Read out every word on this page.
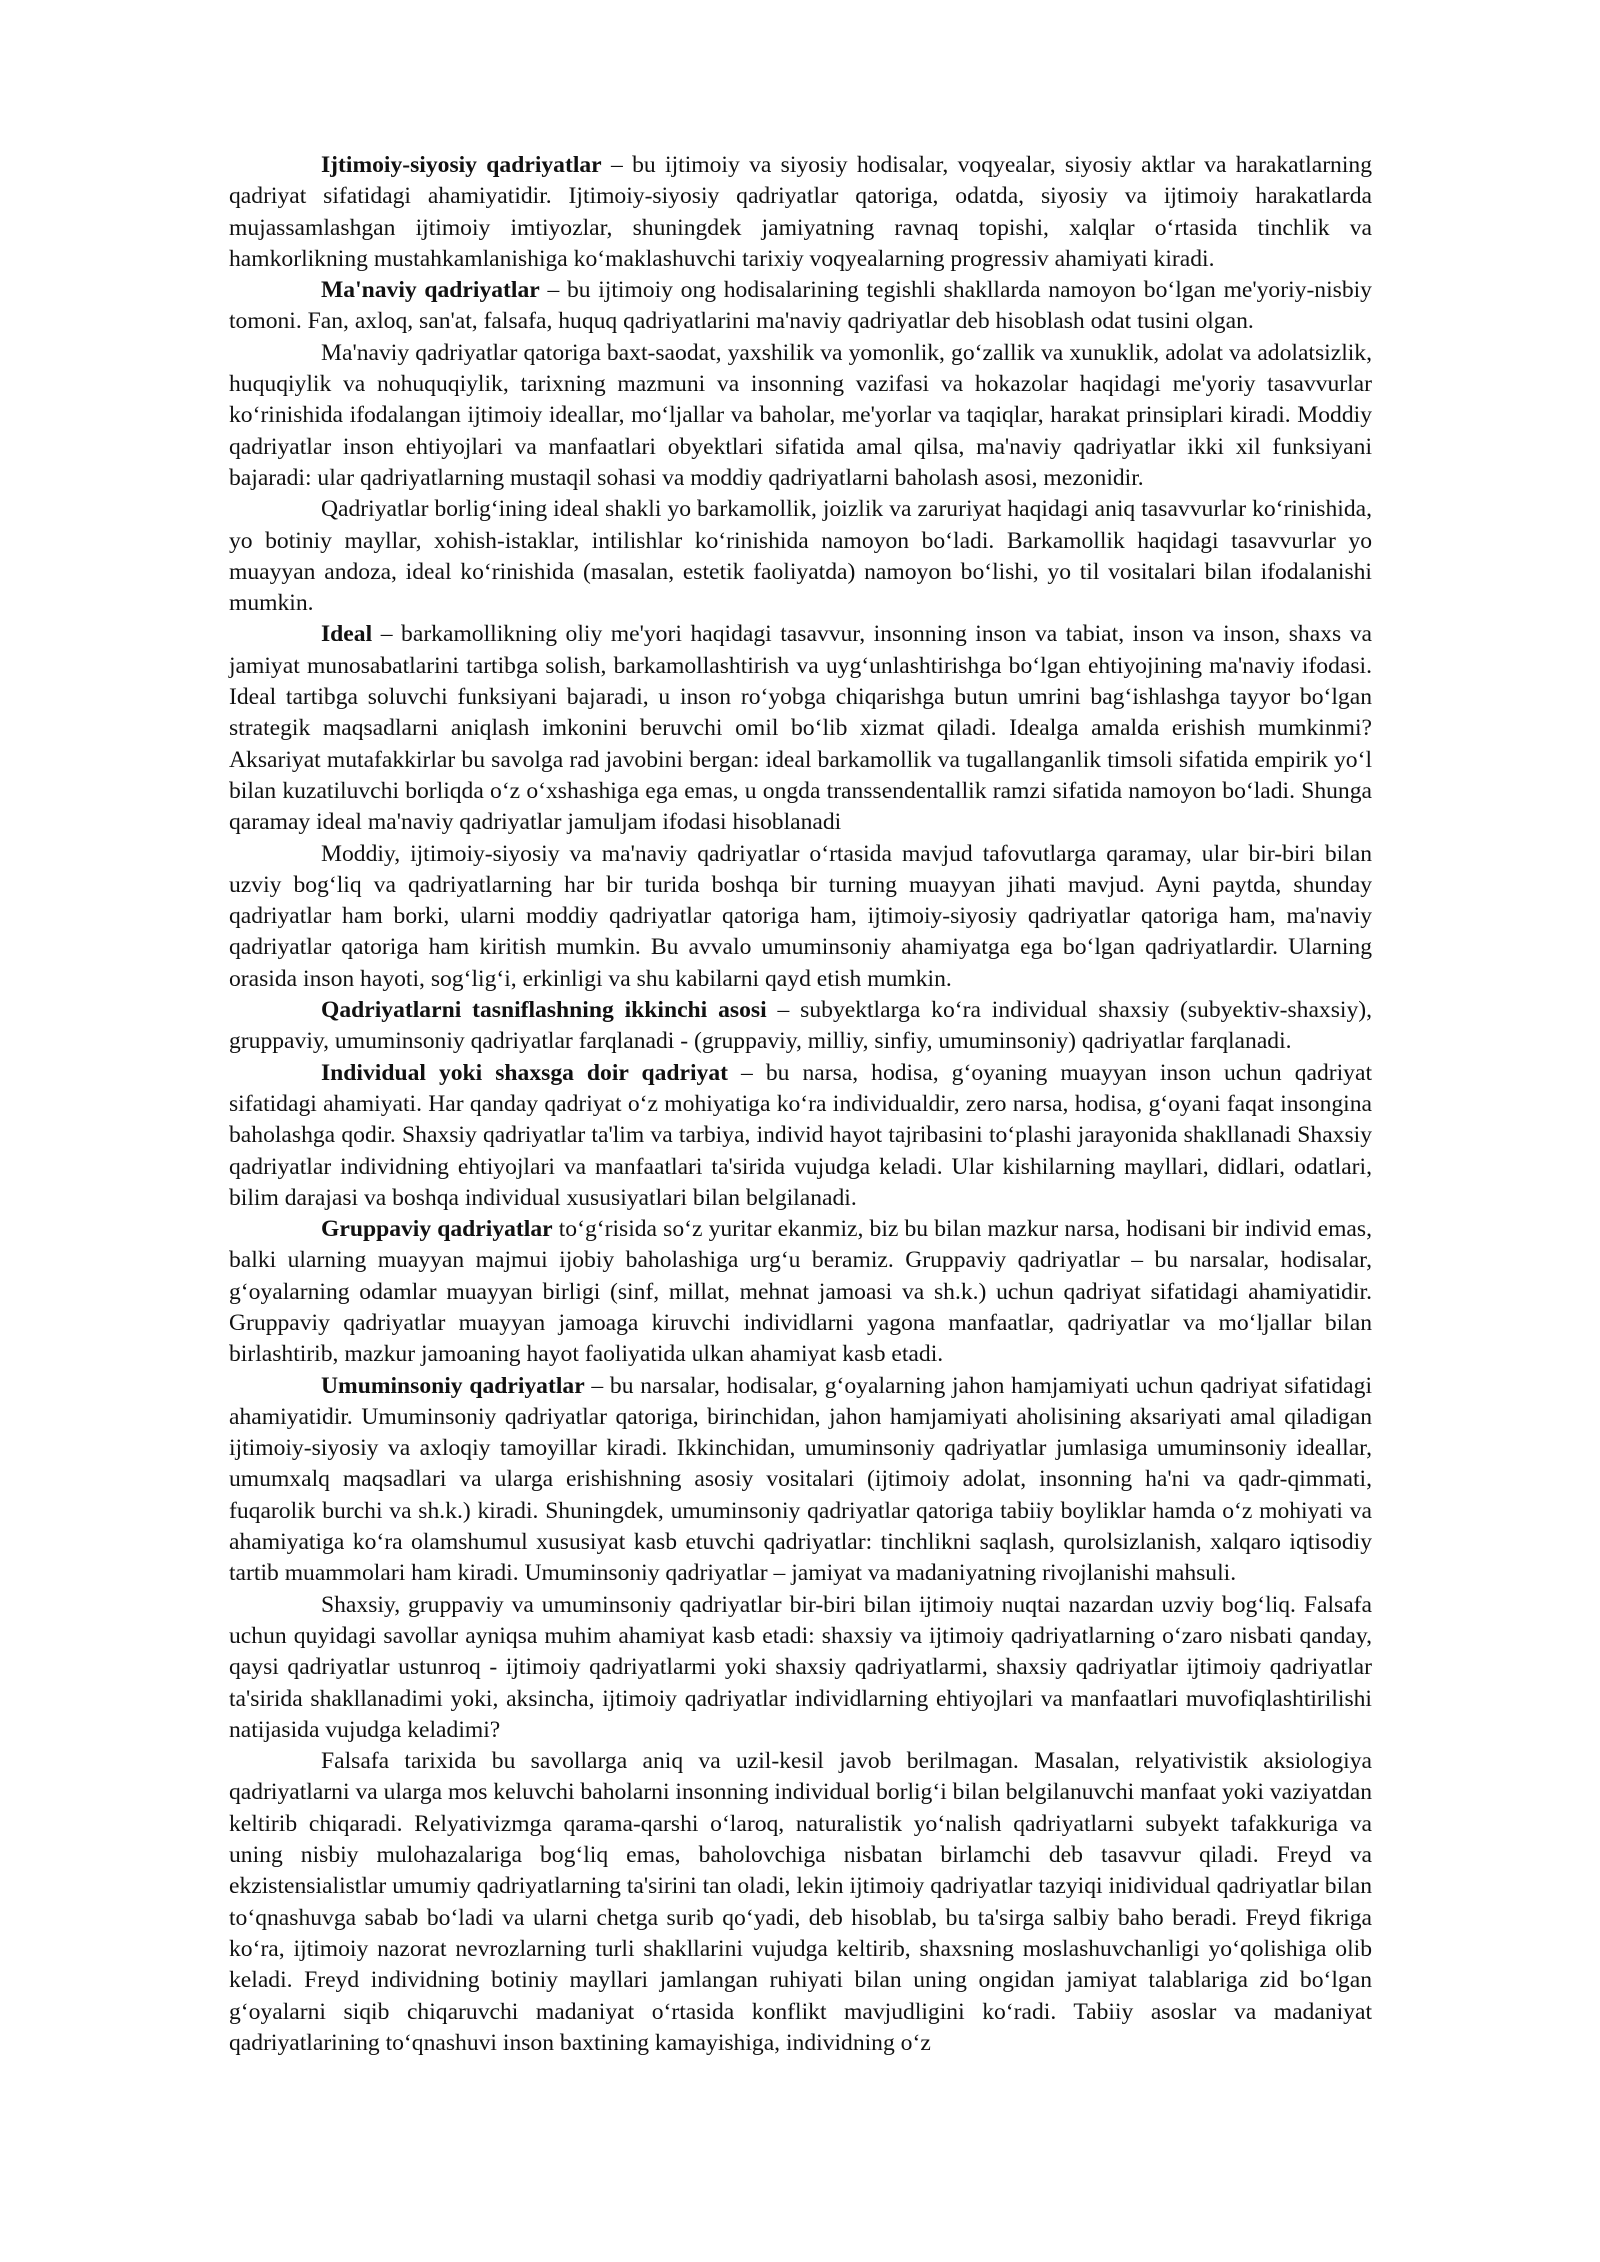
Ijtimoiy-siyosiy qadriyatlar – bu ijtimoiy va siyosiy hodisalar, voqyealar, siyosiy aktlar va harakatlarning qadriyat sifatidagi ahamiyatidir. Ijtimoiy-siyosiy qadriyatlar qatoriga, odatda, siyosiy va ijtimoiy harakatlarda mujassamlashgan ijtimoiy imtiyozlar, shuningdek jamiyatning ravnaq topishi, xalqlar o‘rtasida tinchlik va hamkorlikning mustahkamlanishiga ko‘maklashuvchi tarixiy voqyealarning progressiv ahamiyati kiradi.

Ma'naviy qadriyatlar – bu ijtimoiy ong hodisalarining tegishli shakllarda namoyon bo‘lgan me'yoriy-nisbiy tomoni. Fan, axloq, san'at, falsafa, huquq qadriyatlarini ma'naviy qadriyatlar deb hisoblash odat tusini olgan.

Ma'naviy qadriyatlar qatoriga baxt-saodat, yaxshilik va yomonlik, go‘zallik va xunuklik, adolat va adolatsizlik, huquqiylik va nohuquqiylik, tarixning mazmuni va insonning vazifasi va hokazolar haqidagi me'yoriy tasavvurlar ko‘rinishida ifodalangan ijtimoiy ideallar, mo‘ljallar va baholar, me'yorlar va taqiqlar, harakat prinsiplari kiradi. Moddiy qadriyatlar inson ehtiyojlari va manfaatlari obyektlari sifatida amal qilsa, ma'naviy qadriyatlar ikki xil funksiyani bajaradi: ular qadriyatlarning mustaqil sohasi va moddiy qadriyatlarni baholash asosi, mezonidir.

Qadriyatlar borlig‘ining ideal shakli yo barkamollik, joizlik va zaruriyat haqidagi aniq tasavvurlar ko‘rinishida, yo botiniy mayllar, xohish-istaklar, intilishlar ko‘rinishida namoyon bo‘ladi. Barkamollik haqidagi tasavvurlar yo muayyan andoza, ideal ko‘rinishida (masalan, estetik faoliyatda) namoyon bo‘lishi, yo til vositalari bilan ifodalanishi mumkin.

Ideal – barkamollikning oliy me'yori haqidagi tasavvur, insonning inson va tabiat, inson va inson, shaxs va jamiyat munosabatlarini tartibga solish, barkamollashtirish va uyg‘unlashtirishga bo‘lgan ehtiyojining ma'naviy ifodasi. Ideal tartibga soluvchi funksiyani bajaradi, u inson ro‘yobga chiqarishga butun umrini bag‘ishlashga tayyor bo‘lgan strategik maqsadlarni aniqlash imkonini beruvchi omil bo‘lib xizmat qiladi. Idealga amalda erishish mumkinmi? Aksariyat mutafakkirlar bu savolga rad javobini bergan: ideal barkamollik va tugallanganlik timsoli sifatida empirik yo‘l bilan kuzatiluvchi borliqda o‘z o‘xshashiga ega emas, u ongda transsendentallik ramzi sifatida namoyon bo‘ladi. Shunga qaramay ideal ma'naviy qadriyatlar jamuljam ifodasi hisoblanadi

Moddiy, ijtimoiy-siyosiy va ma'naviy qadriyatlar o‘rtasida mavjud tafovutlarga qaramay, ular bir-biri bilan uzviy bog‘liq va qadriyatlarning har bir turida boshqa bir turning muayyan jihati mavjud. Ayni paytda, shunday qadriyatlar ham borki, ularni moddiy qadriyatlar qatoriga ham, ijtimoiy-siyosiy qadriyatlar qatoriga ham, ma'naviy qadriyatlar qatoriga ham kiritish mumkin. Bu avvalo umuminsoniy ahamiyatga ega bo‘lgan qadriyatlardir. Ularning orasida inson hayoti, sog‘lig‘i, erkinligi va shu kabilarni qayd etish mumkin.

Qadriyatlarni tasniflashning ikkinchi asosi – subyektlarga ko‘ra individual shaxsiy (subyektiv-shaxsiy), gruppaviy, umuminsoniy qadriyatlar farqlanadi - (gruppaviy, milliy, sinfiy, umuminsoniy) qadriyatlar farqlanadi.

Individual yoki shaxsga doir qadriyat – bu narsa, hodisa, g‘oyaning muayyan inson uchun qadriyat sifatidagi ahamiyati. Har qanday qadriyat o‘z mohiyatiga ko‘ra individualdir, zero narsa, hodisa, g‘oyani faqat insongina baholashga qodir. Shaxsiy qadriyatlar ta'lim va tarbiya, individ hayot tajribasini to‘plashi jarayonida shakllanadi Shaxsiy qadriyatlar individning ehtiyojlari va manfaatlari ta'sirida vujudga keladi. Ular kishilarning mayllari, didlari, odatlari, bilim darajasi va boshqa individual xususiyatlari bilan belgilanadi.

Gruppaviy qadriyatlar to‘g‘risida so‘z yuritar ekanmiz, biz bu bilan mazkur narsa, hodisani bir individ emas, balki ularning muayyan majmui ijobiy baholashiga urg‘u beramiz. Gruppaviy qadriyatlar – bu narsalar, hodisalar, g‘oyalarning odamlar muayyan birligi (sinf, millat, mehnat jamoasi va sh.k.) uchun qadriyat sifatidagi ahamiyatidir. Gruppaviy qadriyatlar muayyan jamoaga kiruvchi individlarni yagona manfaatlar, qadriyatlar va mo‘ljallar bilan birlashtirib, mazkur jamoaning hayot faoliyatida ulkan ahamiyat kasb etadi.

Umuminsoniy qadriyatlar – bu narsalar, hodisalar, g‘oyalarning jahon hamjamiyati uchun qadriyat sifatidagi ahamiyatidir. Umuminsoniy qadriyatlar qatoriga, birinchidan, jahon hamjamiyati aholisining aksariyati amal qiladigan ijtimoiy-siyosiy va axloqiy tamoyillar kiradi. Ikkinchidan, umuminsoniy qadriyatlar jumlasiga umuminsoniy ideallar, umumxalq maqsadlari va ularga erishishning asosiy vositalari (ijtimoiy adolat, insonning ha'ni va qadr-qimmati, fuqarolik burchi va sh.k.) kiradi. Shuningdek, umuminsoniy qadriyatlar qatoriga tabiiy boyliklar hamda o‘z mohiyati va ahamiyatiga ko‘ra olamshumul xususiyat kasb etuvchi qadriyatlar: tinchlikni saqlash, qurolsizlanish, xalqaro iqtisodiy tartib muammolari ham kiradi. Umuminsoniy qadriyatlar – jamiyat va madaniyatning rivojlanishi mahsuli.

Shaxsiy, gruppaviy va umuminsoniy qadriyatlar bir-biri bilan ijtimoiy nuqtai nazardan uzviy bog‘liq. Falsafa uchun quyidagi savollar ayniqsa muhim ahamiyat kasb etadi: shaxsiy va ijtimoiy qadriyatlarning o‘zaro nisbati qanday, qaysi qadriyatlar ustunroq - ijtimoiy qadriyatlarmi yoki shaxsiy qadriyatlarmi, shaxsiy qadriyatlar ijtimoiy qadriyatlar ta'sirida shakllanadimi yoki, aksincha, ijtimoiy qadriyatlar individlarning ehtiyojlari va manfaatlari muvofiqlashtirilishi natijasida vujudga keladimi?

Falsafa tarixida bu savollarga aniq va uzil-kesil javob berilmagan. Masalan, relyativistik aksiologiya qadriyatlarni va ularga mos keluvchi baholarni insonning individual borlig‘i bilan belgilanuvchi manfaat yoki vaziyatdan keltirib chiqaradi. Relyativizmga qarama-qarshi o‘laroq, naturalistik yo‘nalish qadriyatlarni subyekt tafakkuriga va uning nisbiy mulohazalariga bog‘liq emas, baholovchiga nisbatan birlamchi deb tasavvur qiladi. Freyd va ekzistensialistlar umumiy qadriyatlarning ta'sirini tan oladi, lekin ijtimoiy qadriyatlar tazyiqi inidividual qadriyatlar bilan to‘qnashuvga sabab bo‘ladi va ularni chetga surib qo‘yadi, deb hisoblab, bu ta'sirga salbiy baho beradi. Freyd fikriga ko‘ra, ijtimoiy nazorat nevrozlarning turli shakllarini vujudga keltirib, shaxsning moslashuvchanligi yo‘qolishiga olib keladi. Freyd individning botiniy mayllari jamlangan ruhiyati bilan uning ongidan jamiyat talablariga zid bo‘lgan g‘oyalarni siqib chiqaruvchi madaniyat o‘rtasida konflikt mavjudligini ko‘radi. Tabiiy asoslar va madaniyat qadriyatlarining to‘qnashuvi inson baxtining kamayishiga, individning o‘z
